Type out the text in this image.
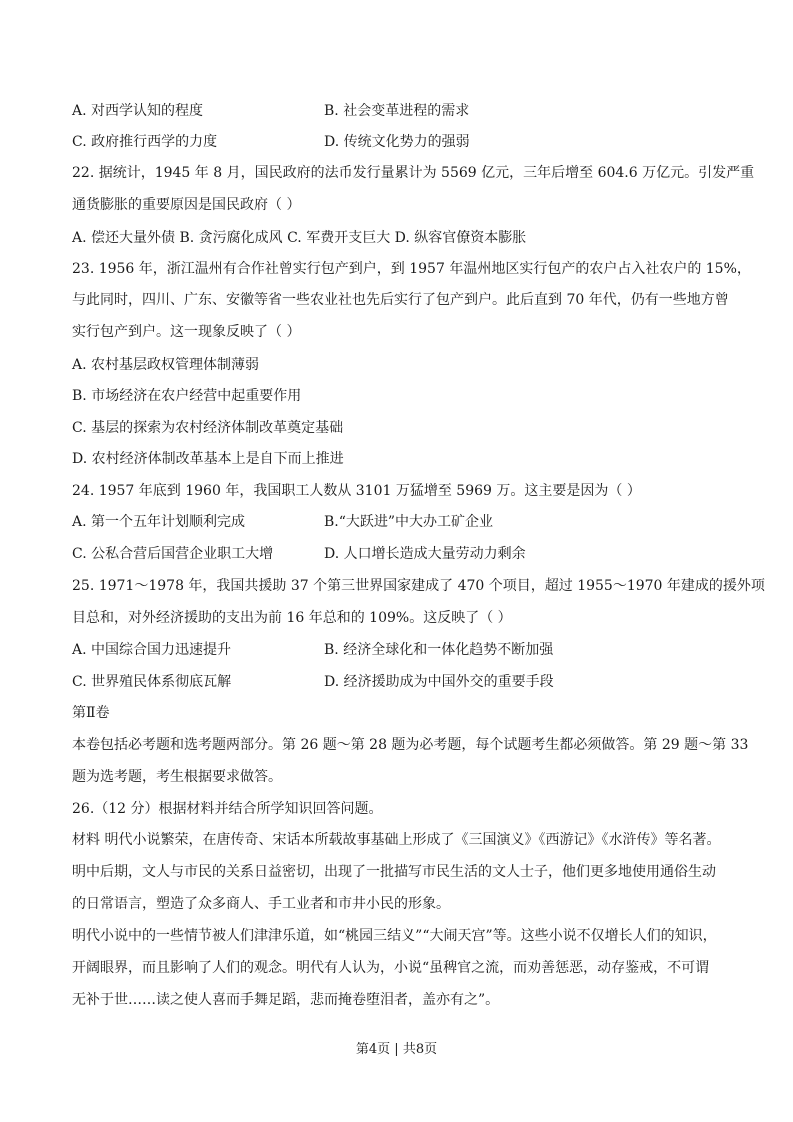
A. 对西学认知的程度	B. 社会变革进程的需求
C. 政府推行西学的力度	D. 传统文化势力的强弱
22. 据统计，1945 年 8 月，国民政府的法币发行量累计为 5569 亿元，三年后增至 604.6 万亿元。引发严重
通货膨胀的重要原因是国民政府（ ）
A. 偿还大量外债 B. 贪污腐化成风 C. 军费开支巨大 D. 纵容官僚资本膨胀
23. 1956 年，浙江温州有合作社曾实行包产到户，到 1957 年温州地区实行包产的农户占入社农户的 15%，
与此同时，四川、广东、安徽等省一些农业社也先后实行了包产到户。此后直到 70 年代，仍有一些地方曾
实行包产到户。这一现象反映了（ ）
A. 农村基层政权管理体制薄弱
B. 市场经济在农户经营中起重要作用
C. 基层的探索为农村经济体制改革奠定基础
D. 农村经济体制改革基本上是自下而上推进
24. 1957 年底到 1960 年，我国职工人数从 3101 万猛增至 5969 万。这主要是因为（ ）
A. 第一个五年计划顺利完成	B.“大跃进”中大办工矿企业
C. 公私合营后国营企业职工大增	D. 人口增长造成大量劳动力剩余
25. 1971～1978 年，我国共援助 37 个第三世界国家建成了 470 个项目，超过 1955～1970 年建成的援外项
目总和，对外经济援助的支出为前 16 年总和的 109%。这反映了（ ）
A. 中国综合国力迅速提升	B. 经济全球化和一体化趋势不断加强
C. 世界殖民体系彻底瓦解	D. 经济援助成为中国外交的重要手段
第Ⅱ卷
本卷包括必考题和选考题两部分。第 26 题～第 28 题为必考题，每个试题考生都必须做答。第 29 题～第 33
题为选考题，考生根据要求做答。
26.（12 分）根据材料并结合所学知识回答问题。
材料 明代小说繁荣，在唐传奇、宋话本所载故事基础上形成了《三国演义》《西游记》《水浒传》等名著。
明中后期，文人与市民的关系日益密切，出现了一批描写市民生活的文人士子，他们更多地使用通俗生动
的日常语言，塑造了众多商人、手工业者和市井小民的形象。
明代小说中的一些情节被人们津津乐道，如“桃园三结义”“大闹天宫”等。这些小说不仅增长人们的知识，
开阔眼界，而且影响了人们的观念。明代有人认为，小说“虽稗官之流，而劝善惩恶，动存鉴戒，不可谓
无补于世……读之使人喜而手舞足蹈，悲而掩卷堕泪者，盖亦有之”。
第4页 | 共8页
